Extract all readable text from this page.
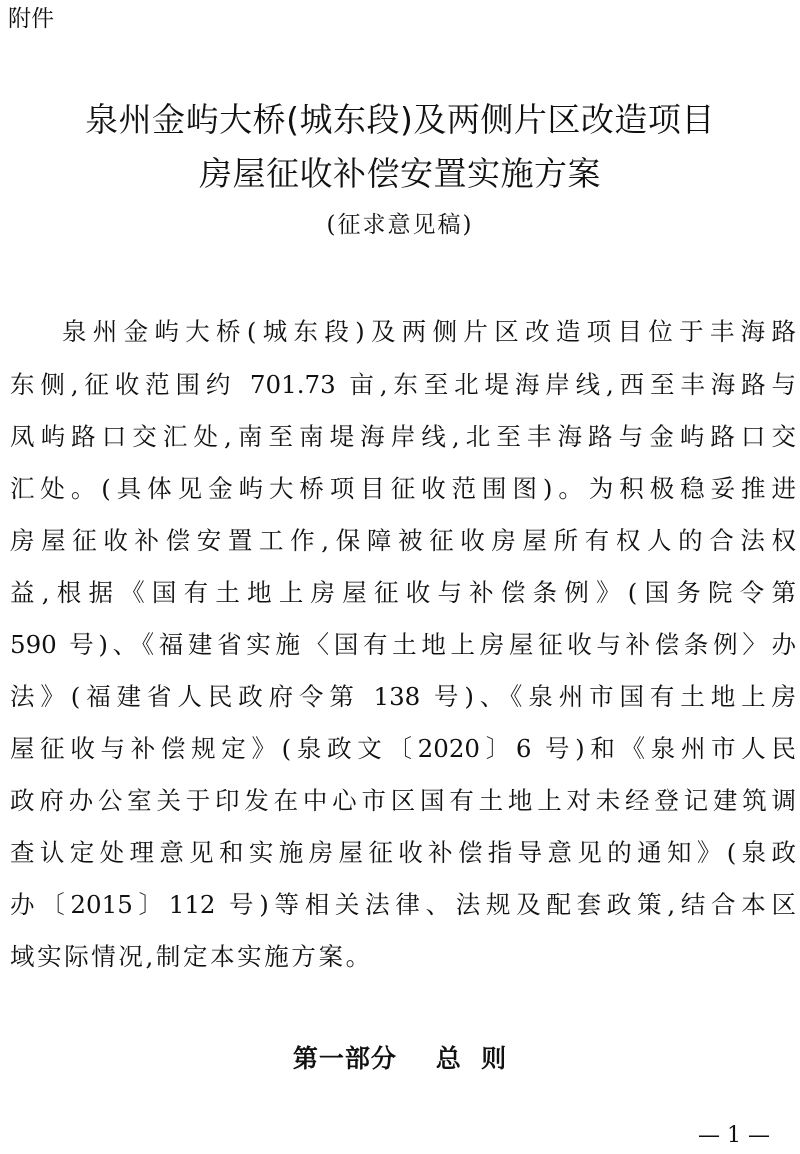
附件
泉州金屿大桥(城东段)及两侧片区改造项目
房屋征收补偿安置实施方案
(征求意见稿)
泉州金屿大桥(城东段)及两侧片区改造项目位于丰海路
东侧,征收范围约 701.73 亩,东至北堤海岸线,西至丰海路与
凤屿路口交汇处,南至南堤海岸线,北至丰海路与金屿路口交
汇处。(具体见金屿大桥项目征收范围图)。为积极稳妥推进
房屋征收补偿安置工作,保障被征收房屋所有权人的合法权
益,根据《国有土地上房屋征收与补偿条例》(国务院令第
590 号)、《福建省实施〈国有土地上房屋征收与补偿条例〉办
法》(福建省人民政府令第 138 号)、《泉州市国有土地上房
屋征收与补偿规定》(泉政文〔2020〕6 号)和《泉州市人民
政府办公室关于印发在中心市区国有土地上对未经登记建筑调
查认定处理意见和实施房屋征收补偿指导意见的通知》(泉政
办〔2015〕112 号)等相关法律、法规及配套政策,结合本区
域实际情况,制定本实施方案。
第一部分    总  则
— 1 —
